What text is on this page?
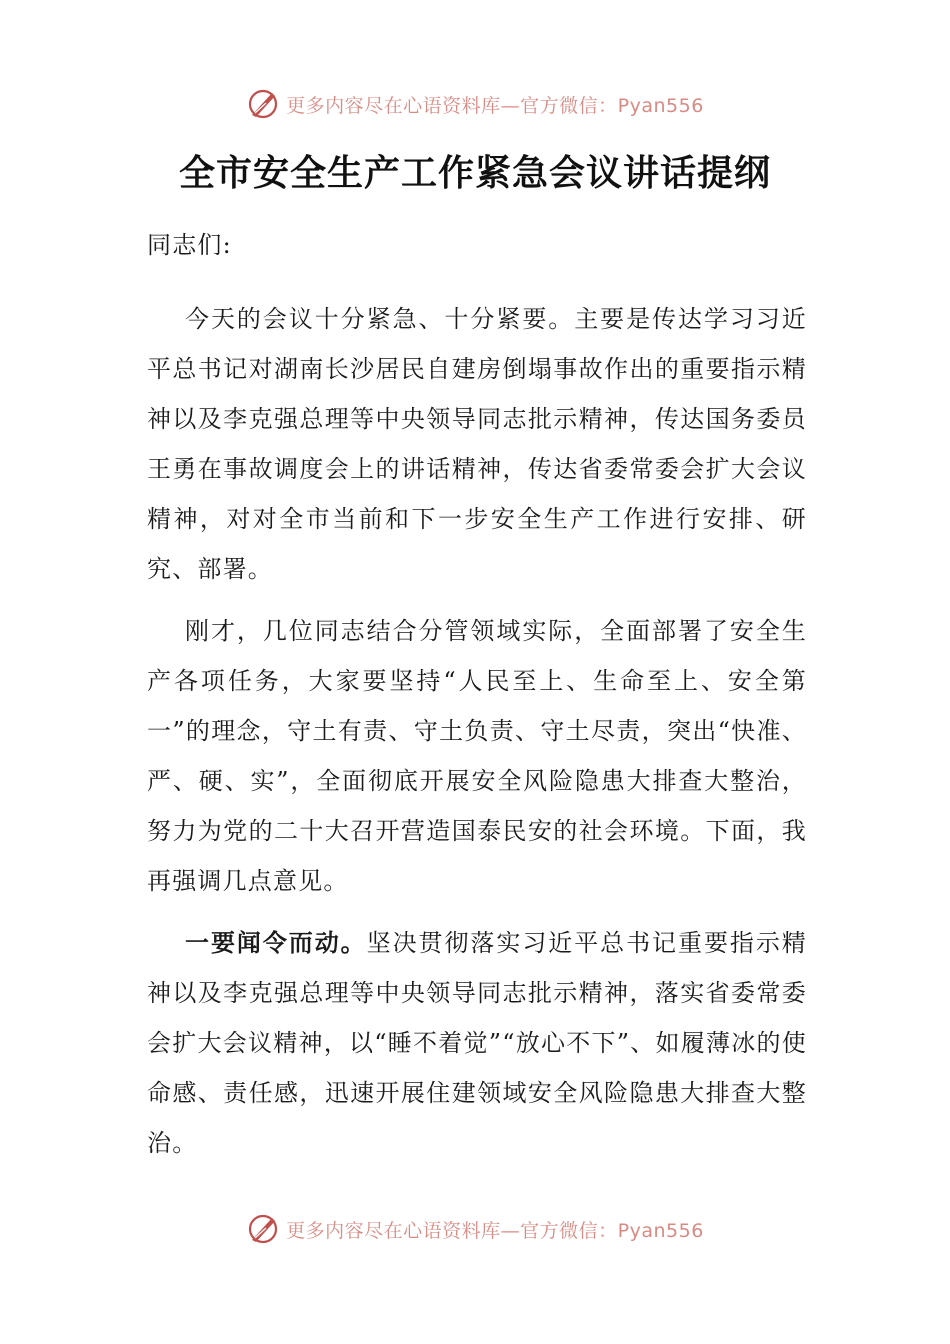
更多内容尽在心语资料库—官方微信：Pyan556
全市安全生产工作紧急会议讲话提纲

同志们:

今天的会议十分紧急、十分紧要。主要是传达学习习近平总书记对湖南长沙居民自建房倒塌事故作出的重要指示精神以及李克强总理等中央领导同志批示精神，传达国务委员王勇在事故调度会上的讲话精神，传达省委常委会扩大会议精神，对对全市当前和下一步安全生产工作进行安排、研究、部署。

刚才，几位同志结合分管领域实际，全面部署了安全生产各项任务，大家要坚持“人民至上、生命至上、安全第一”的理念，守土有责、守土负责、守土尽责，突出“快准、严、硬、实”，全面彻底开展安全风险隐患大排查大整治，努力为党的二十大召开营造国泰民安的社会环境。下面，我再强调几点意见。

一要闻令而动。坚决贯彻落实习近平总书记重要指示精神以及李克强总理等中央领导同志批示精神，落实省委常委会扩大会议精神，以“睡不着觉”“放心不下”、如履薄冰的使命感、责任感，迅速开展住建领域安全风险隐患大排查大整治。

更多内容尽在心语资料库—官方微信：Pyan556
